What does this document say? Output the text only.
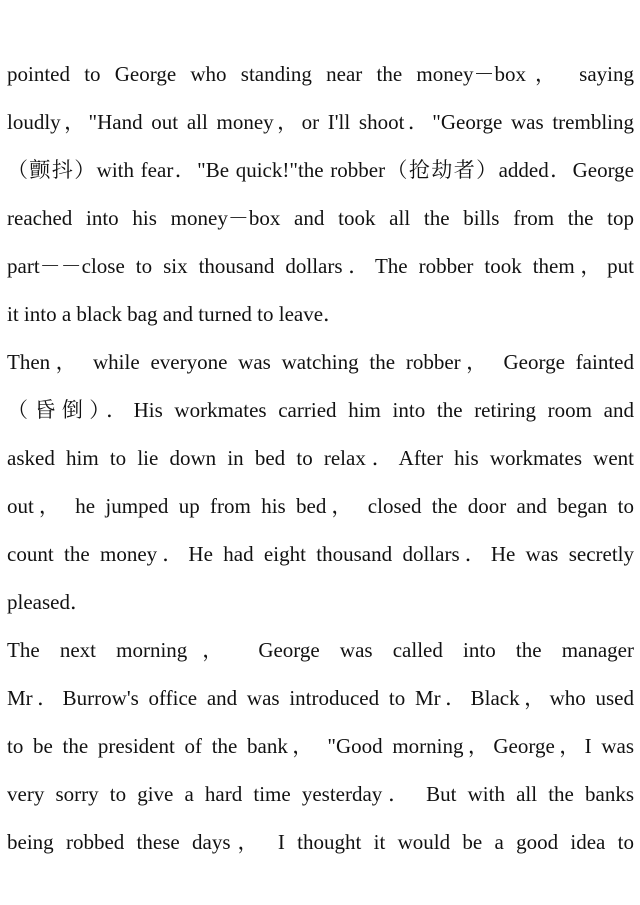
pointed to George who standing near the money－box， saying
loudly，"Hand out all money，or I'll shoot．"George was trembling
（颤抖）with fear．"Be quick!"the robber（抢劫者）added．George
reached into his money－box and took all the bills from the top
part－－close to six thousand dollars．The robber took them，put
it into a black bag and turned to leave．
Then， while everyone was watching the robber， George fainted
（昏倒）．His workmates carried him into the retiring room and
asked him to lie down in bed to relax．After his workmates went
out， he jumped up from his bed， closed the door and began to
count the money．He had eight thousand dollars．He was secretly
pleased．
The next morning， George was called into the manager
Mr．Burrow's office and was introduced to Mr．Black，who used
to be the president of the bank， "Good morning，George，I was
very sorry to give a hard time yesterday． But with all the banks
being robbed these days， I thought it would be a good idea to
